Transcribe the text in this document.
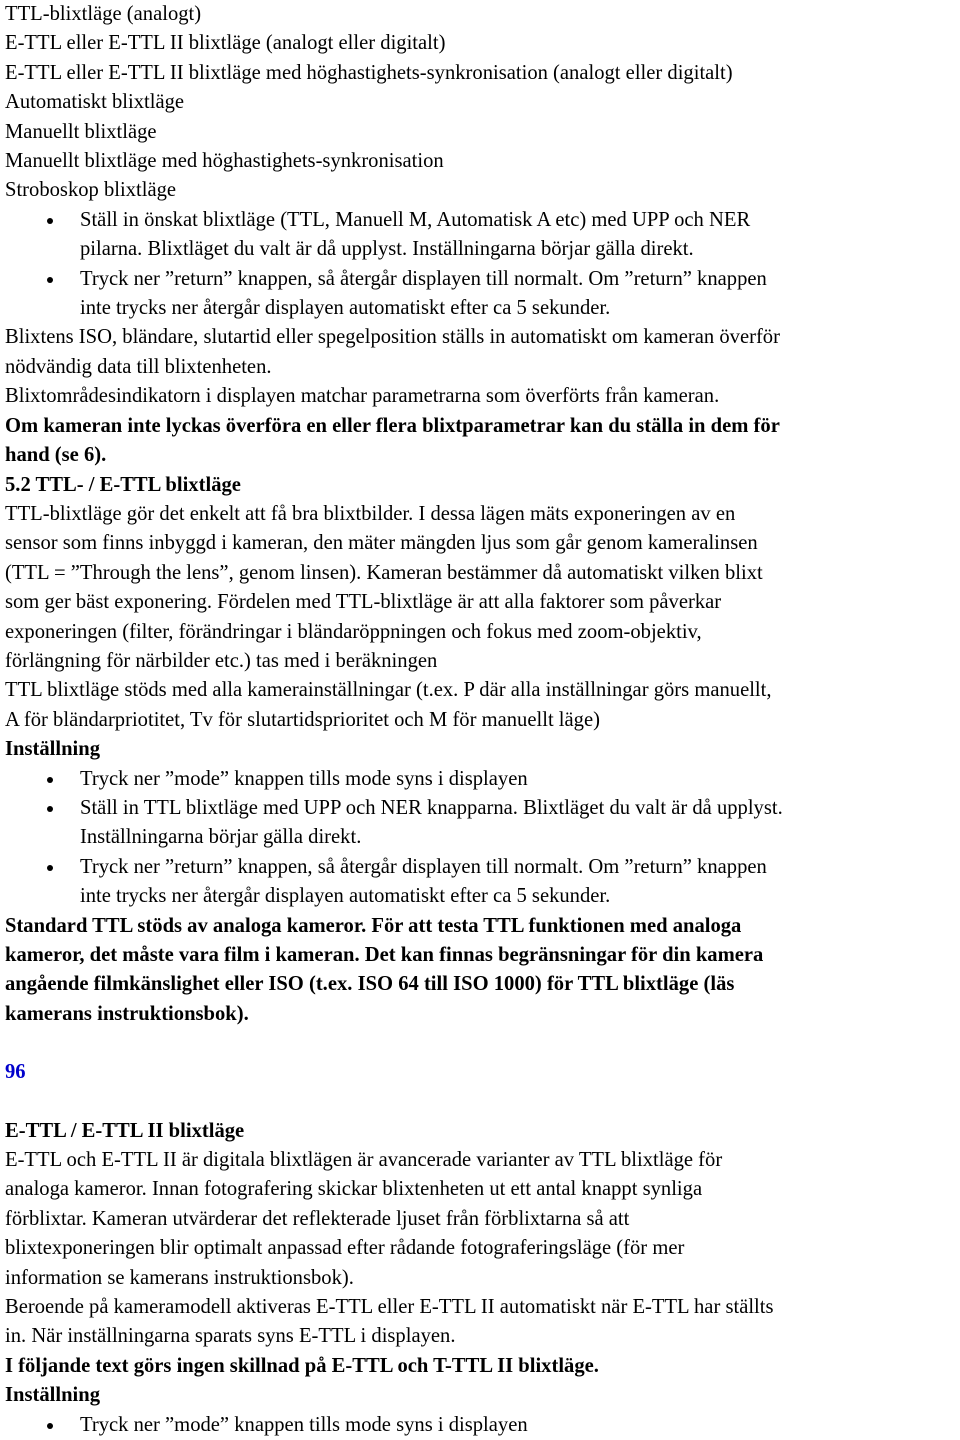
TTL-blixtläge (analogt)
E-TTL eller E-TTL II blixtläge (analogt eller digitalt)
E-TTL eller E-TTL II blixtläge med höghastighets-synkronisation (analogt eller digitalt)
Automatiskt blixtläge
Manuellt blixtläge
Manuellt blixtläge med höghastighets-synkronisation
Stroboskop blixtläge
Ställ in önskat blixtläge (TTL, Manuell M, Automatisk A etc) med UPP och NER
pilarna. Blixtläget du valt är då upplyst. Inställningarna börjar gälla direkt.
Tryck ner ”return” knappen, så återgår displayen till normalt. Om ”return” knappen
inte trycks ner återgår displayen automatiskt efter ca 5 sekunder.
Blixtens ISO, bländare, slutartid eller spegelposition ställs in automatiskt om kameran överför
nödvändig data till blixtenheten.
Blixtområdesindikatorn i displayen matchar parametrarna som överförts från kameran.
Om kameran inte lyckas överföra en eller flera blixtparametrar kan du ställa in dem för
hand (se 6).
5.2 TTL- / E-TTL blixtläge
TTL-blixtläge gör det enkelt att få bra blixtbilder. I dessa lägen mäts exponeringen av en
sensor som finns inbyggd i kameran, den mäter mängden ljus som går genom kameralinsen
(TTL = ”Through the lens”, genom linsen). Kameran bestämmer då automatiskt vilken blixt
som ger bäst exponering. Fördelen med TTL-blixtläge är att alla faktorer som påverkar
exponeringen (filter, förändringar i bländaröppningen och fokus med zoom-objektiv,
förlängning för närbilder etc.) tas med i beräkningen
TTL blixtläge stöds med alla kamerainställningar (t.ex. P där alla inställningar görs manuellt,
A för bländarpriotitet, Tv för slutartidsprioritet och M för manuellt läge)
Inställning
Tryck ner ”mode” knappen tills mode syns i displayen
Ställ in TTL blixtläge med UPP och NER knapparna. Blixtläget du valt är då upplyst.
Inställningarna börjar gälla direkt.
Tryck ner ”return” knappen, så återgår displayen till normalt. Om ”return” knappen
inte trycks ner återgår displayen automatiskt efter ca 5 sekunder.
Standard TTL stöds av analoga kameror. För att testa TTL funktionen med analoga
kameror, det måste vara film i kameran. Det kan finnas begränsningar för din kamera
angående filmkänslighet eller ISO (t.ex. ISO 64 till ISO 1000) för TTL blixtläge (läs
kamerans instruktionsbok).
96
E-TTL / E-TTL II blixtläge
E-TTL och E-TTL II är digitala blixtlägen är avancerade varianter av TTL blixtläge för
analoga kameror. Innan fotografering skickar blixtenheten ut ett antal knappt synliga
förblixtar. Kameran utvärderar det reflekterade ljuset från förblixtarna så att
blixtexponeringen blir optimalt anpassad efter rådande fotograferingsläge (för mer
information se kamerans instruktionsbok).
Beroende på kameramodell aktiveras E-TTL eller E-TTL II automatiskt när E-TTL har ställts
in. När inställningarna sparats syns E-TTL i displayen.
I följande text görs ingen skillnad på E-TTL och T-TTL II blixtläge.
Inställning
Tryck ner ”mode” knappen tills mode syns i displayen
